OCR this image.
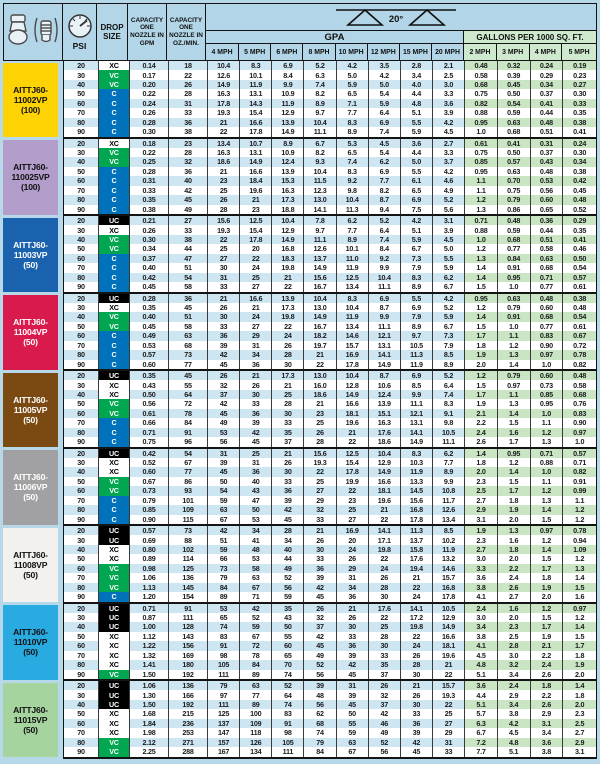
PSI
DROP SIZE
CAPACITY ONE NOZZLE IN GPM
CAPACITY ONE NOZZLE IN OZ./MIN.
20°
GPA	GALLONS PER 1000 SQ. FT.
4 MPH	5 MPH	6 MPH	8 MPH	10 MPH	12 MPH	15 MPH	20 MPH	2 MPH	3 MPH	4 MPH	5 MPH
AITTJ60-
11002VP
(100)
20	XC	0.14	18	10.4	8.3	6.9	5.2	4.2	3.5	2.8	2.1	0.48	0.32	0.24	0.19
30	VC	0.17	22	12.6	10.1	8.4	6.3	5.0	4.2	3.4	2.5	0.58	0.39	0.29	0.23
40	VC	0.20	26	14.9	11.9	9.9	7.4	5.9	5.0	4.0	3.0	0.68	0.45	0.34	0.27
50	C	0.22	28	16.3	13.1	10.9	8.2	6.5	5.4	4.4	3.3	0.75	0.50	0.37	0.30
60	C	0.24	31	17.8	14.3	11.9	8.9	7.1	5.9	4.8	3.6	0.82	0.54	0.41	0.33
70	C	0.26	33	19.3	15.4	12.9	9.7	7.7	6.4	5.1	3.9	0.88	0.59	0.44	0.35
80	C	0.28	36	21	16.6	13.9	10.4	8.3	6.9	5.5	4.2	0.95	0.63	0.48	0.38
90	C	0.30	38	22	17.8	14.9	11.1	8.9	7.4	5.9	4.5	1.0	0.68	0.51	0.41
AITTJ60-
110025VP
(100)
20	XC	0.18	23	13.4	10.7	8.9	6.7	5.3	4.5	3.6	2.7	0.61	0.41	0.31	0.24
30	VC	0.22	28	16.3	13.1	10.9	8.2	6.5	5.4	4.4	3.3	0.75	0.50	0.37	0.30
40	VC	0.25	32	18.6	14.9	12.4	9.3	7.4	6.2	5.0	3.7	0.85	0.57	0.43	0.34
50	C	0.28	36	21	16.6	13.9	10.4	8.3	6.9	5.5	4.2	0.95	0.63	0.48	0.38
60	C	0.31	40	23	18.4	15.3	11.5	9.2	7.7	6.1	4.6	1.1	0.70	0.53	0.42
70	C	0.33	42	25	19.6	16.3	12.3	9.8	8.2	6.5	4.9	1.1	0.75	0.56	0.45
80	C	0.35	45	26	21	17.3	13.0	10.4	8.7	6.9	5.2	1.2	0.79	0.60	0.48
90	C	0.38	49	28	23	18.8	14.1	11.3	9.4	7.5	5.6	1.3	0.86	0.65	0.52
AITTJ60-
11003VP
(50)
20	UC	0.21	27	15.6	12.5	10.4	7.8	6.2	5.2	4.2	3.1	0.71	0.48	0.36	0.29
30	XC	0.26	33	19.3	15.4	12.9	9.7	7.7	6.4	5.1	3.9	0.88	0.59	0.44	0.35
40	VC	0.30	38	22	17.8	14.9	11.1	8.9	7.4	5.9	4.5	1.0	0.68	0.51	0.41
50	VC	0.34	44	25	20	16.8	12.6	10.1	8.4	6.7	5.0	1.2	0.77	0.58	0.46
60	C	0.37	47	27	22	18.3	13.7	11.0	9.2	7.3	5.5	1.3	0.84	0.63	0.50
70	C	0.40	51	30	24	19.8	14.9	11.9	9.9	7.9	5.9	1.4	0.91	0.68	0.54
80	C	0.42	54	31	25	21	15.6	12.5	10.4	8.3	6.2	1.4	0.95	0.71	0.57
90	C	0.45	58	33	27	22	16.7	13.4	11.1	8.9	6.7	1.5	1.0	0.77	0.61
AITTJ60-
11004VP
(50)
20	UC	0.28	36	21	16.6	13.9	10.4	8.3	6.9	5.5	4.2	0.95	0.63	0.48	0.38
30	XC	0.35	45	26	21	17.3	13.0	10.4	8.7	6.9	5.2	1.2	0.79	0.60	0.48
40	VC	0.40	51	30	24	19.8	14.9	11.9	9.9	7.9	5.9	1.4	0.91	0.68	0.54
50	VC	0.45	58	33	27	22	16.7	13.4	11.1	8.9	6.7	1.5	1.0	0.77	0.61
60	C	0.49	63	36	29	24	18.2	14.6	12.1	9.7	7.3	1.7	1.1	0.83	0.67
70	C	0.53	68	39	31	26	19.7	15.7	13.1	10.5	7.9	1.8	1.2	0.90	0.72
80	C	0.57	73	42	34	28	21	16.9	14.1	11.3	8.5	1.9	1.3	0.97	0.78
90	C	0.60	77	45	36	30	22	17.8	14.9	11.9	8.9	2.0	1.4	1.0	0.82
AITTJ60-
11005VP
(50)
20	UC	0.35	45	26	21	17.3	13.0	10.4	8.7	6.9	5.2	1.2	0.79	0.60	0.48
30	XC	0.43	55	32	26	21	16.0	12.8	10.6	8.5	6.4	1.5	0.97	0.73	0.58
40	XC	0.50	64	37	30	25	18.6	14.9	12.4	9.9	7.4	1.7	1.1	0.85	0.68
50	VC	0.56	72	42	33	28	21	16.6	13.9	11.1	8.3	1.9	1.3	0.95	0.76
60	VC	0.61	78	45	36	30	23	18.1	15.1	12.1	9.1	2.1	1.4	1.0	0.83
70	C	0.66	84	49	39	33	25	19.6	16.3	13.1	9.8	2.2	1.5	1.1	0.90
80	C	0.71	91	53	42	35	26	21	17.6	14.1	10.5	2.4	1.6	1.2	0.97
90	C	0.75	96	56	45	37	28	22	18.6	14.9	11.1	2.6	1.7	1.3	1.0
AITTJ60-
11006VP
(50)
20	UC	0.42	54	31	25	21	15.6	12.5	10.4	8.3	6.2	1.4	0.95	0.71	0.57
30	XC	0.52	67	39	31	26	19.3	15.4	12.9	10.3	7.7	1.8	1.2	0.88	0.71
40	XC	0.60	77	45	36	30	22	17.8	14.9	11.9	8.9	2.0	1.4	1.0	0.82
50	VC	0.67	86	50	40	33	25	19.9	16.6	13.3	9.9	2.3	1.5	1.1	0.91
60	VC	0.73	93	54	43	36	27	22	18.1	14.5	10.8	2.5	1.7	1.2	0.99
70	C	0.79	101	59	47	39	29	23	19.6	15.6	11.7	2.7	1.8	1.3	1.1
80	C	0.85	109	63	50	42	32	25	21	16.8	12.6	2.9	1.9	1.4	1.2
90	C	0.90	115	67	53	45	33	27	22	17.8	13.4	3.1	2.0	1.5	1.2
AITTJ60-
11008VP
(50)
20	UC	0.57	73	42	34	28	21	16.9	14.1	11.3	8.5	1.9	1.3	0.97	0.78
30	UC	0.69	88	51	41	34	26	20	17.1	13.7	10.2	2.3	1.6	1.2	0.94
40	XC	0.80	102	59	48	40	30	24	19.8	15.8	11.9	2.7	1.8	1.4	1.09
50	XC	0.89	114	66	53	44	33	26	22	17.6	13.2	3.0	2.0	1.5	1.2
60	VC	0.98	125	73	58	49	36	29	24	19.4	14.6	3.3	2.2	1.7	1.3
70	VC	1.06	136	79	63	52	39	31	26	21	15.7	3.6	2.4	1.8	1.4
80	VC	1.13	145	84	67	56	42	34	28	22	16.8	3.8	2.6	1.9	1.5
90	C	1.20	154	89	71	59	45	36	30	24	17.8	4.1	2.7	2.0	1.6
AITTJ60-
11010VP
(50)
20	UC	0.71	91	53	42	35	26	21	17.6	14.1	10.5	2.4	1.6	1.2	0.97
30	UC	0.87	111	65	52	43	32	26	22	17.2	12.9	3.0	2.0	1.5	1.2
40	UC	1.00	128	74	59	50	37	30	25	19.8	14.9	3.4	2.3	1.7	1.4
50	XC	1.12	143	83	67	55	42	33	28	22	16.6	3.8	2.5	1.9	1.5
60	XC	1.22	156	91	72	60	45	36	30	24	18.1	4.1	2.8	2.1	1.7
70	XC	1.32	169	98	78	65	49	39	33	26	19.6	4.5	3.0	2.2	1.8
80	XC	1.41	180	105	84	70	52	42	35	28	21	4.8	3.2	2.4	1.9
90	VC	1.50	192	111	89	74	56	45	37	30	22	5.1	3.4	2.6	2.0
AITTJ60-
11015VP
(50)
20	UC	1.06	136	79	63	52	39	31	26	21	15.7	3.6	2.4	1.8	1.4
30	UC	1.30	166	97	77	64	48	39	32	26	19.3	4.4	2.9	2.2	1.8
40	UC	1.50	192	111	89	74	56	45	37	30	22	5.1	3.4	2.6	2.0
50	XC	1.68	215	125	100	83	62	50	42	33	25	5.7	3.8	2.9	2.3
60	XC	1.84	236	137	109	91	68	55	46	36	27	6.3	4.2	3.1	2.5
70	XC	1.98	253	147	118	98	74	59	49	39	29	6.7	4.5	3.4	2.7
80	VC	2.12	271	157	126	105	79	63	52	42	31	7.2	4.8	3.6	2.9
90	VC	2.25	288	167	134	111	84	67	56	45	33	7.7	5.1	3.8	3.1
